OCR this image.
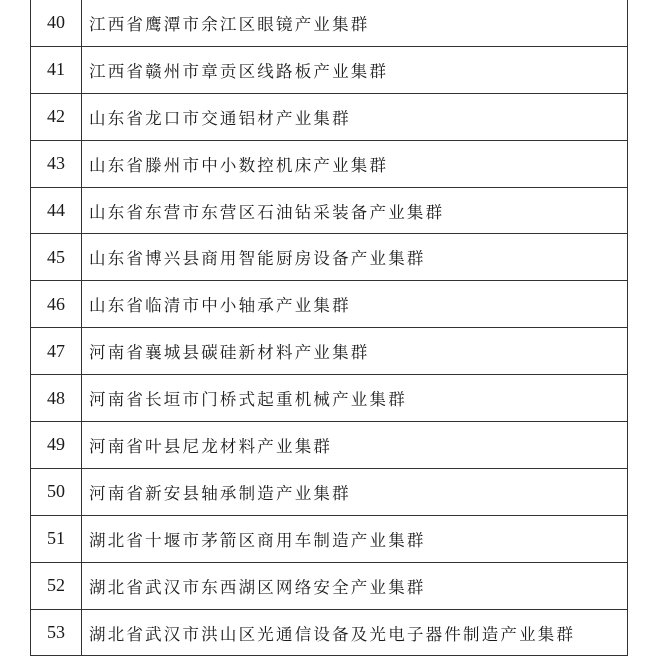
40	江西省鹰潭市余江区眼镜产业集群
41	江西省赣州市章贡区线路板产业集群
42	山东省龙口市交通铝材产业集群
43	山东省滕州市中小数控机床产业集群
44	山东省东营市东营区石油钻采装备产业集群
45	山东省博兴县商用智能厨房设备产业集群
46	山东省临清市中小轴承产业集群
47	河南省襄城县碳硅新材料产业集群
48	河南省长垣市门桥式起重机械产业集群
49	河南省叶县尼龙材料产业集群
50	河南省新安县轴承制造产业集群
51	湖北省十堰市茅箭区商用车制造产业集群
52	湖北省武汉市东西湖区网络安全产业集群
53	湖北省武汉市洪山区光通信设备及光电子器件制造产业集群
